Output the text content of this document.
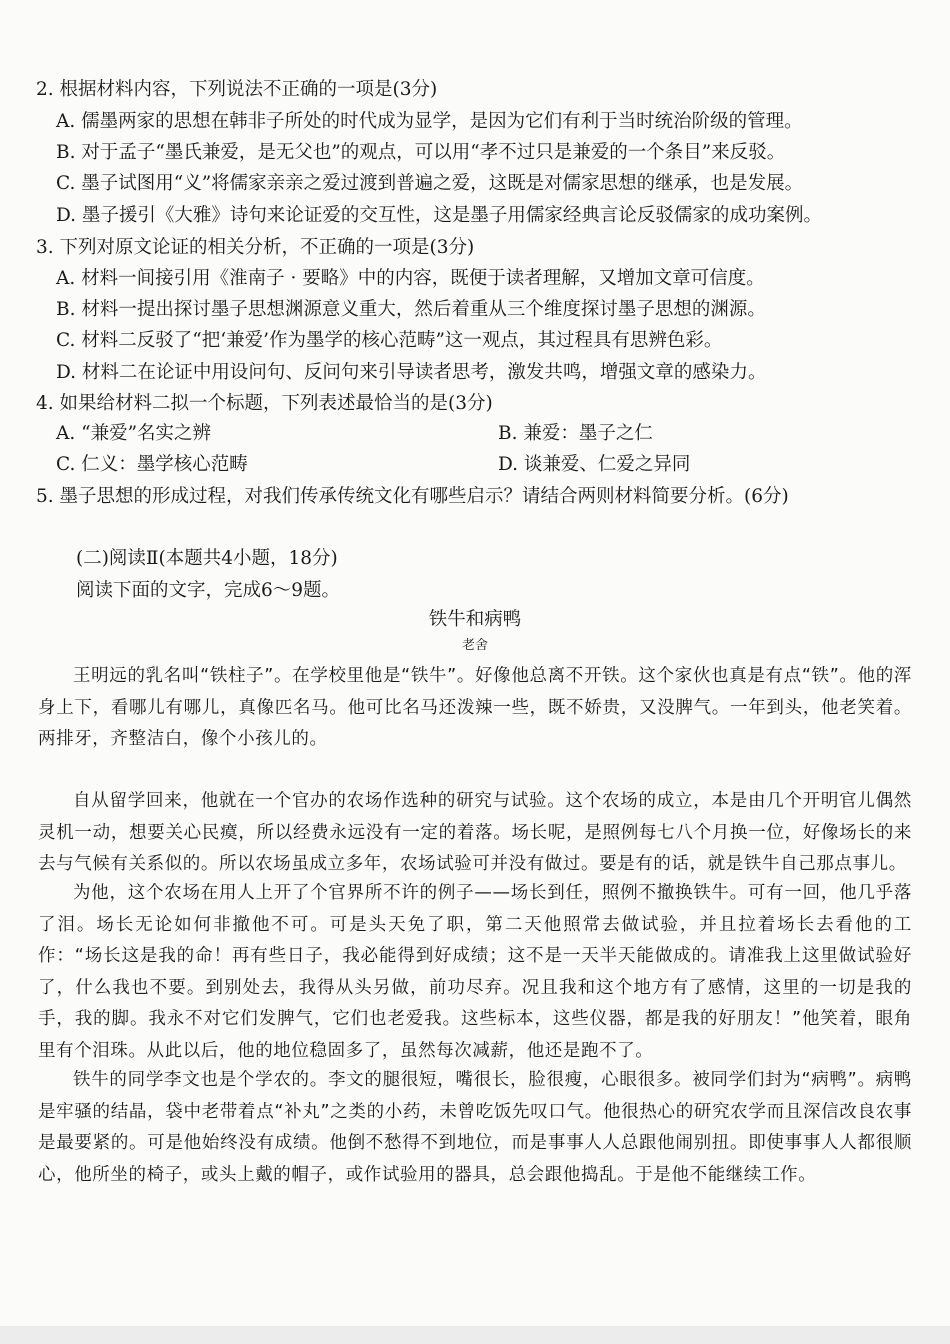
2. 根据材料内容，下列说法不正确的一项是(3分)
A. 儒墨两家的思想在韩非子所处的时代成为显学，是因为它们有利于当时统治阶级的管理。
B. 对于孟子“墨氏兼爱，是无父也”的观点，可以用“孝不过只是兼爱的一个条目”来反驳。
C. 墨子试图用“义”将儒家亲亲之爱过渡到普遍之爱，这既是对儒家思想的继承，也是发展。
D. 墨子援引《大雅》诗句来论证爱的交互性，这是墨子用儒家经典言论反驳儒家的成功案例。
3. 下列对原文论证的相关分析，不正确的一项是(3分)
A. 材料一间接引用《淮南子 · 要略》中的内容，既便于读者理解，又增加文章可信度。
B. 材料一提出探讨墨子思想渊源意义重大，然后着重从三个维度探讨墨子思想的渊源。
C. 材料二反驳了“把‘兼爱’作为墨学的核心范畴”这一观点，其过程具有思辨色彩。
D. 材料二在论证中用设问句、反问句来引导读者思考，激发共鸣，增强文章的感染力。
4. 如果给材料二拟一个标题，下列表述最恰当的是(3分)
A. “兼爱”名实之辨	B. 兼爱：墨子之仁
C. 仁义：墨学核心范畴	D. 谈兼爱、仁爱之异同
5. 墨子思想的形成过程，对我们传承传统文化有哪些启示？请结合两则材料简要分析。(6分)
(二)阅读Ⅱ(本题共4小题，18分)
阅读下面的文字，完成6～9题。
铁牛和病鸭
老舍
王明远的乳名叫“铁柱子”。在学校里他是“铁牛”。好像他总离不开铁。这个家伙也真是有点“铁”。他的浑身上下，看哪儿有哪儿，真像匹名马。他可比名马还泼辣一些，既不娇贵，又没脾气。一年到头，他老笑着。两排牙，齐整洁白，像个小孩儿的。
自从留学回来，他就在一个官办的农场作选种的研究与试验。这个农场的成立，本是由几个开明官儿偶然灵机一动，想要关心民瘼，所以经费永远没有一定的着落。场长呢，是照例每七八个月换一位，好像场长的来去与气候有关系似的。所以农场虽成立多年，农场试验可并没有做过。要是有的话，就是铁牛自己那点事儿。
为他，这个农场在用人上开了个官界所不许的例子——场长到任，照例不撤换铁牛。可有一回，他几乎落了泪。场长无论如何非撤他不可。可是头天免了职，第二天他照常去做试验，并且拉着场长去看他的工作：“场长这是我的命！再有些日子，我必能得到好成绩；这不是一天半天能做成的。请准我上这里做试验好了，什么我也不要。到别处去，我得从头另做，前功尽弃。况且我和这个地方有了感情，这里的一切是我的手，我的脚。我永不对它们发脾气，它们也老爱我。这些标本，这些仪器，都是我的好朋友！”他笑着，眼角里有个泪珠。从此以后，他的地位稳固多了，虽然每次减薪，他还是跑不了。
铁牛的同学李文也是个学农的。李文的腿很短，嘴很长，脸很瘦，心眼很多。被同学们封为“病鸭”。病鸭是牢骚的结晶，袋中老带着点“补丸”之类的小药，未曾吃饭先叹口气。他很热心的研究农学而且深信改良农事是最要紧的。可是他始终没有成绩。他倒不愁得不到地位，而是事事人人总跟他闹别扭。即使事事人人都很顺心，他所坐的椅子，或头上戴的帽子，或作试验用的器具，总会跟他捣乱。于是他不能继续工作。
